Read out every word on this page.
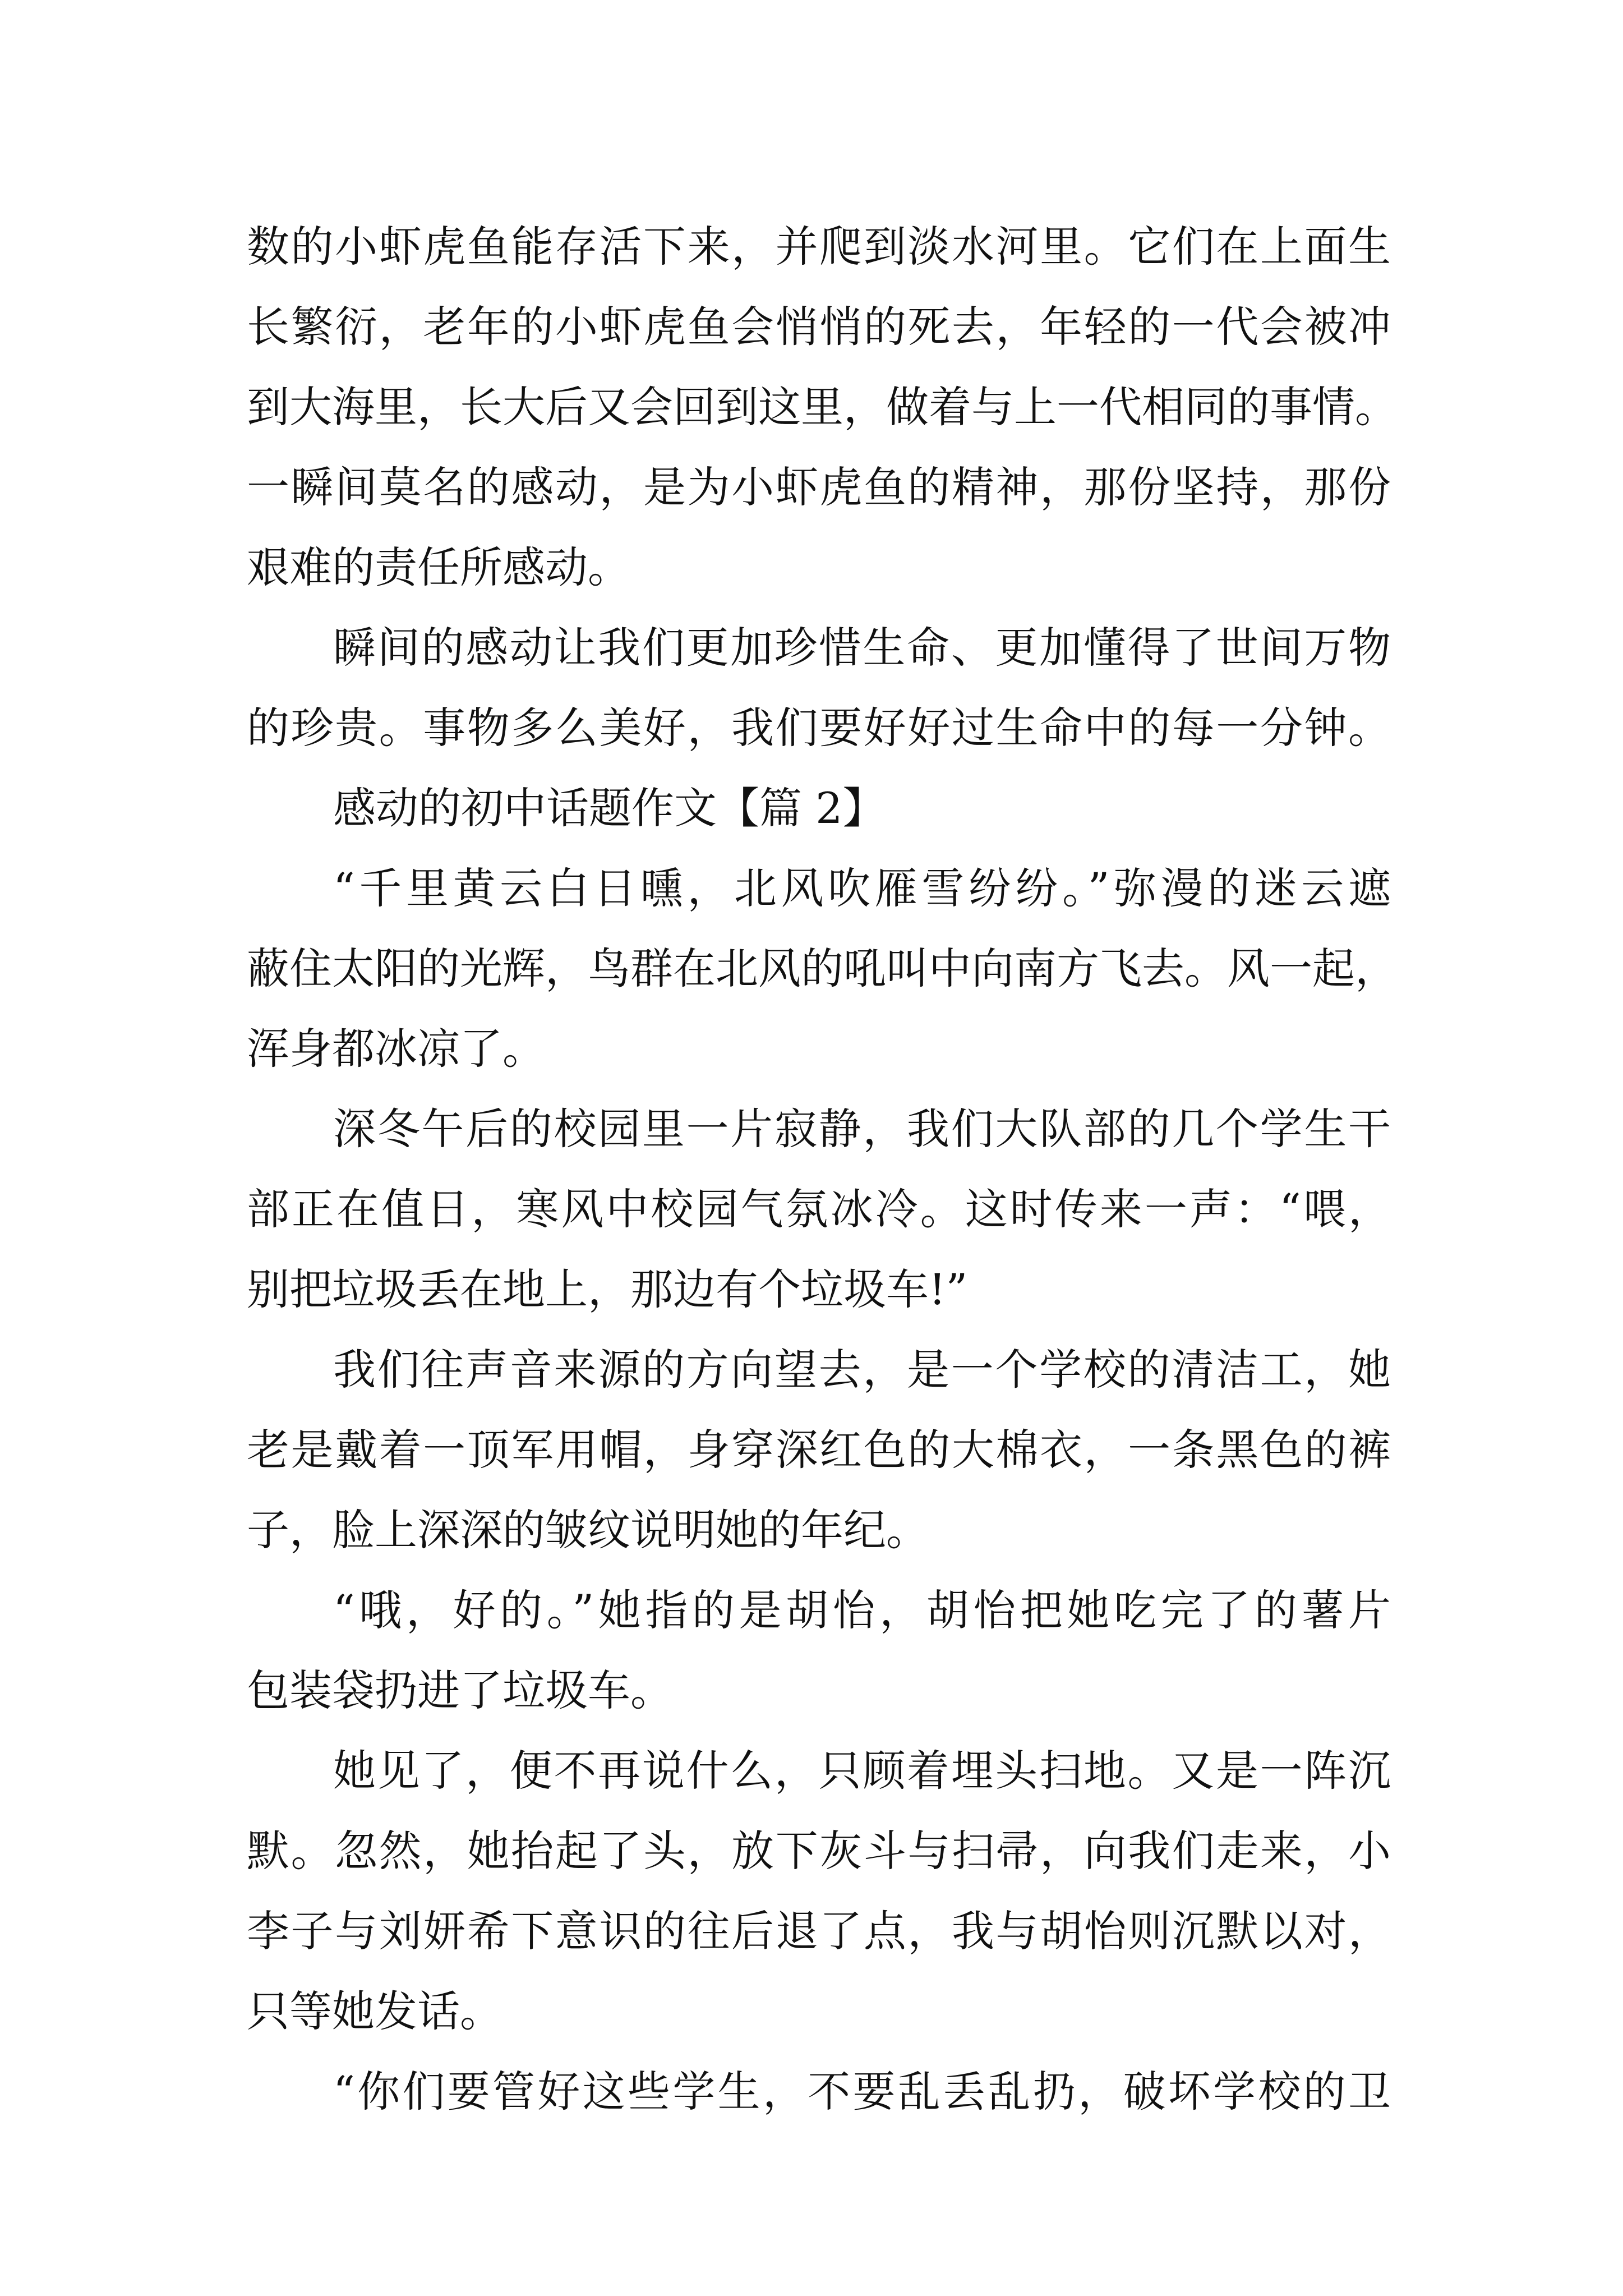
数的小虾虎鱼能存活下来，并爬到淡水河里。它们在上面生

长繁衍，老年的小虾虎鱼会悄悄的死去，年轻的一代会被冲

到大海里，长大后又会回到这里，做着与上一代相同的事情。

一瞬间莫名的感动，是为小虾虎鱼的精神，那份坚持，那份

艰难的责任所感动。

瞬间的感动让我们更加珍惜生命、更加懂得了世间万物

的珍贵。事物多么美好，我们要好好过生命中的每一分钟。

感动的初中话题作文【篇 2】

“千里黄云白日曛，北风吹雁雪纷纷。”弥漫的迷云遮

蔽住太阳的光辉，鸟群在北风的吼叫中向南方飞去。风一起，

浑身都冰凉了。

深冬午后的校园里一片寂静，我们大队部的几个学生干

部正在值日，寒风中校园气氛冰冷。这时传来一声：“喂，

别把垃圾丢在地上，那边有个垃圾车!”

我们往声音来源的方向望去，是一个学校的清洁工，她

老是戴着一顶军用帽，身穿深红色的大棉衣，一条黑色的裤

子，脸上深深的皱纹说明她的年纪。

“哦，好的。”她指的是胡怡，胡怡把她吃完了的薯片

包装袋扔进了垃圾车。

她见了，便不再说什么，只顾着埋头扫地。又是一阵沉

默。忽然，她抬起了头，放下灰斗与扫帚，向我们走来，小

李子与刘妍希下意识的往后退了点，我与胡怡则沉默以对，

只等她发话。

“你们要管好这些学生，不要乱丢乱扔，破坏学校的卫
